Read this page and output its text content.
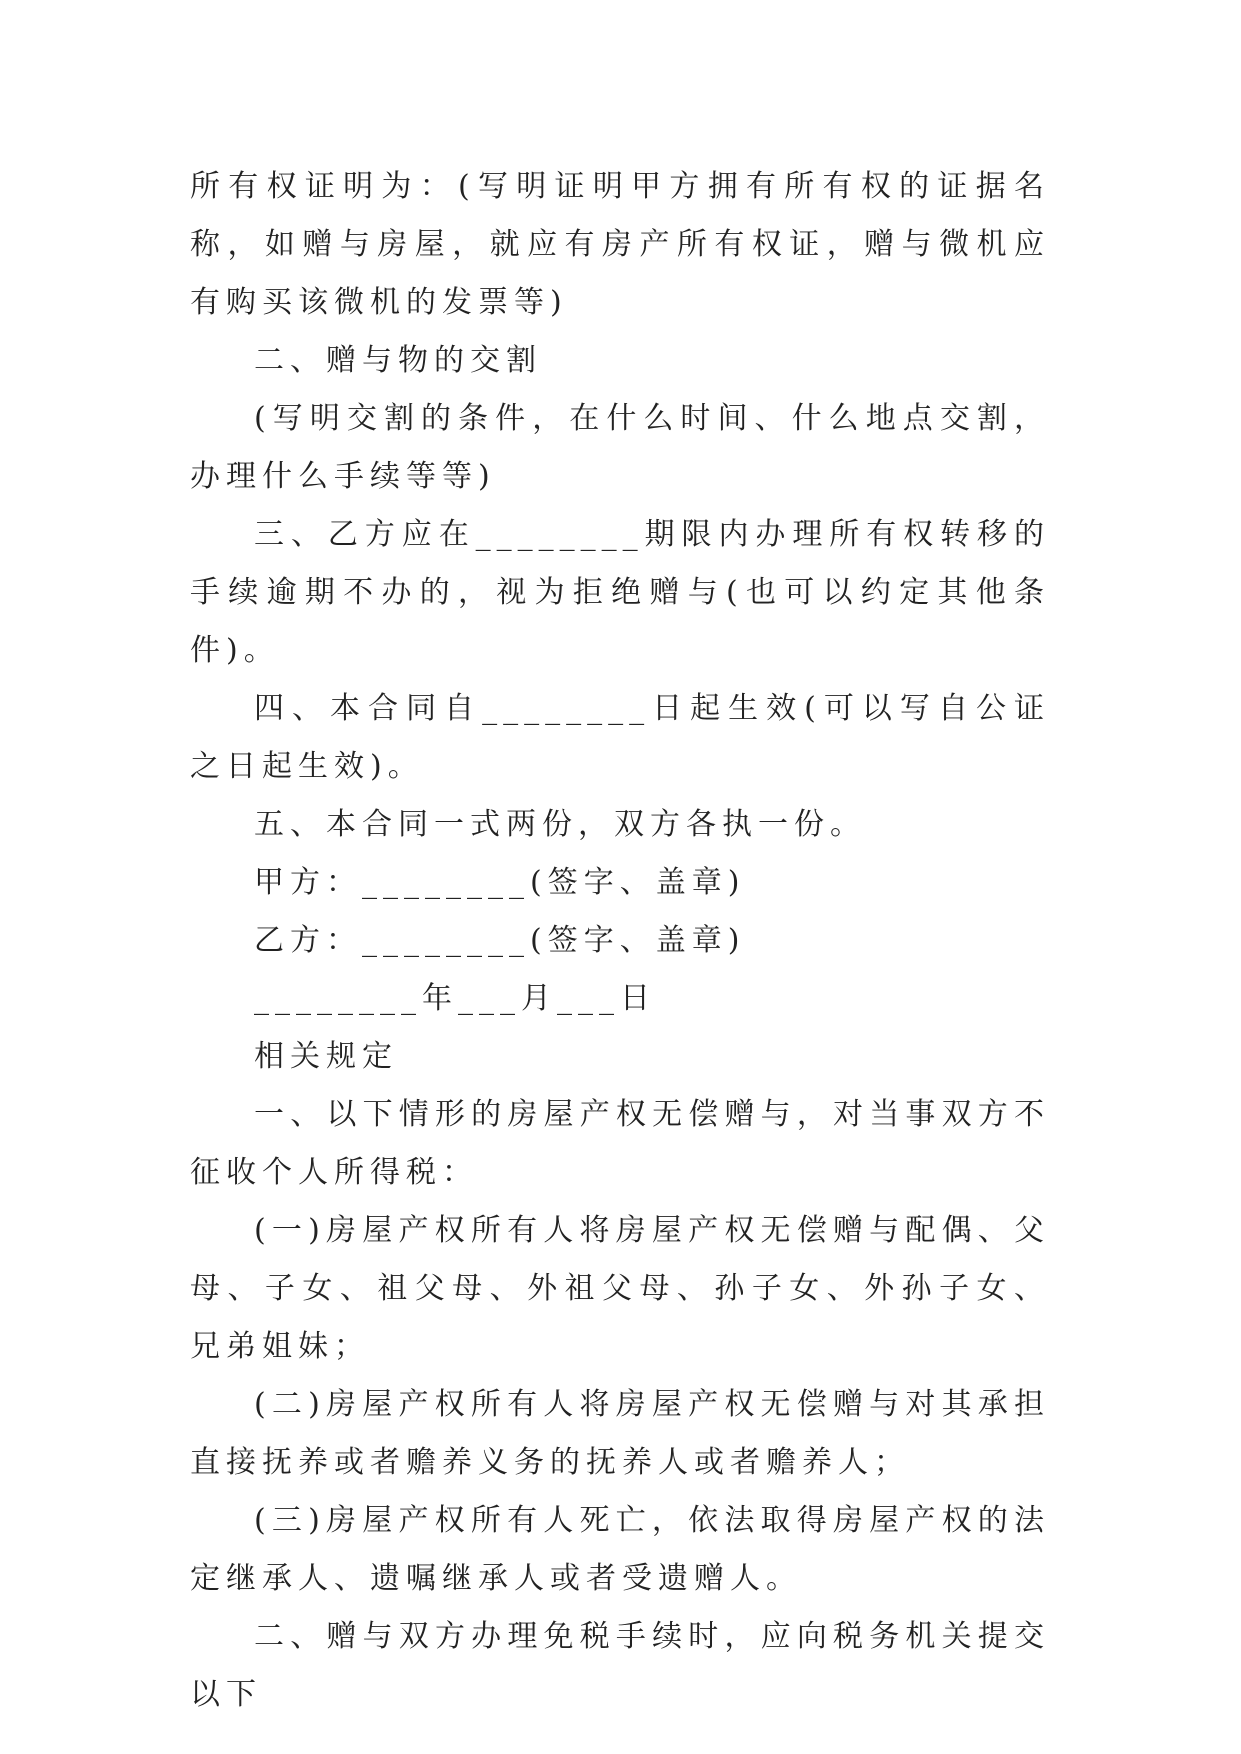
所有权证明为：(写明证明甲方拥有所有权的证据名称，如赠与房屋，就应有房产所有权证，赠与微机应有购买该微机的发票等)

二、赠与物的交割

(写明交割的条件，在什么时间、什么地点交割，办理什么手续等等)

三、乙方应在________期限内办理所有权转移的手续逾期不办的，视为拒绝赠与(也可以约定其他条件)。

四、本合同自________日起生效(可以写自公证之日起生效)。

五、本合同一式两份，双方各执一份。

甲方：________(签字、盖章)

乙方：________(签字、盖章)

________年___月___日

相关规定

一、以下情形的房屋产权无偿赠与，对当事双方不征收个人所得税：

(一)房屋产权所有人将房屋产权无偿赠与配偶、父母、子女、祖父母、外祖父母、孙子女、外孙子女、兄弟姐妹；

(二)房屋产权所有人将房屋产权无偿赠与对其承担直接抚养或者赡养义务的抚养人或者赡养人；

(三)房屋产权所有人死亡，依法取得房屋产权的法定继承人、遗嘱继承人或者受遗赠人。

二、赠与双方办理免税手续时，应向税务机关提交以下
